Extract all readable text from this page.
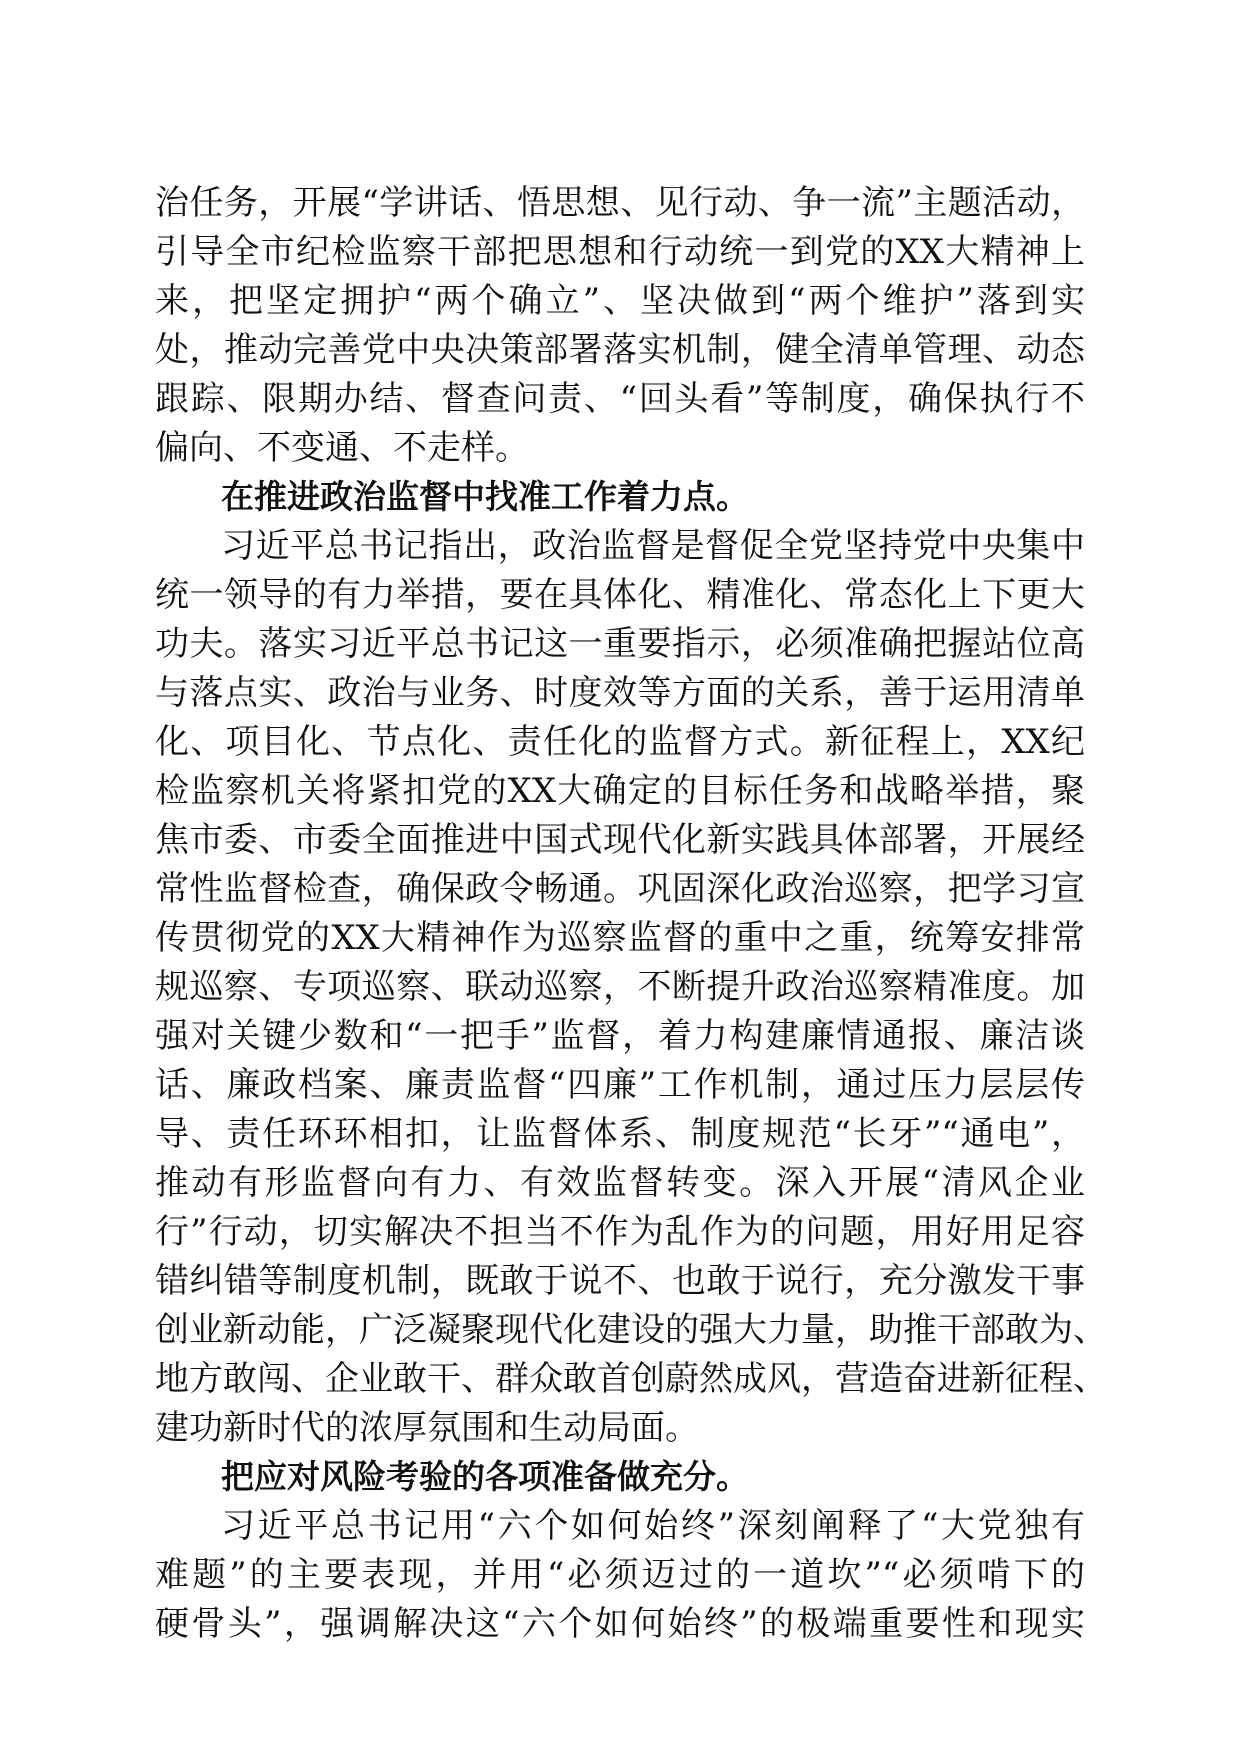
治任务，开展“学讲话、悟思想、见行动、争一流”主题活动，
引导全市纪检监察干部把思想和行动统一到党的XX大精神上
来，把坚定拥护“两个确立”、坚决做到“两个维护”落到实
处，推动完善党中央决策部署落实机制，健全清单管理、动态
跟踪、限期办结、督查问责、“回头看”等制度，确保执行不
偏向、不变通、不走样。
在推进政治监督中找准工作着力点。
习近平总书记指出，政治监督是督促全党坚持党中央集中
统一领导的有力举措，要在具体化、精准化、常态化上下更大
功夫。落实习近平总书记这一重要指示，必须准确把握站位高
与落点实、政治与业务、时度效等方面的关系，善于运用清单
化、项目化、节点化、责任化的监督方式。新征程上，XX纪
检监察机关将紧扣党的XX大确定的目标任务和战略举措，聚
焦市委、市委全面推进中国式现代化新实践具体部署，开展经
常性监督检查，确保政令畅通。巩固深化政治巡察，把学习宣
传贯彻党的XX大精神作为巡察监督的重中之重，统筹安排常
规巡察、专项巡察、联动巡察，不断提升政治巡察精准度。加
强对关键少数和“一把手”监督，着力构建廉情通报、廉洁谈
话、廉政档案、廉责监督“四廉”工作机制，通过压力层层传
导、责任环环相扣，让监督体系、制度规范“长牙”“通电”，
推动有形监督向有力、有效监督转变。深入开展“清风企业
行”行动，切实解决不担当不作为乱作为的问题，用好用足容
错纠错等制度机制，既敢于说不、也敢于说行，充分激发干事
创业新动能，广泛凝聚现代化建设的强大力量，助推干部敢为、
地方敢闯、企业敢干、群众敢首创蔚然成风，营造奋进新征程、
建功新时代的浓厚氛围和生动局面。
把应对风险考验的各项准备做充分。
习近平总书记用“六个如何始终”深刻阐释了“大党独有
难题”的主要表现，并用“必须迈过的一道坎”“必须啃下的
硬骨头”，强调解决这“六个如何始终”的极端重要性和现实
